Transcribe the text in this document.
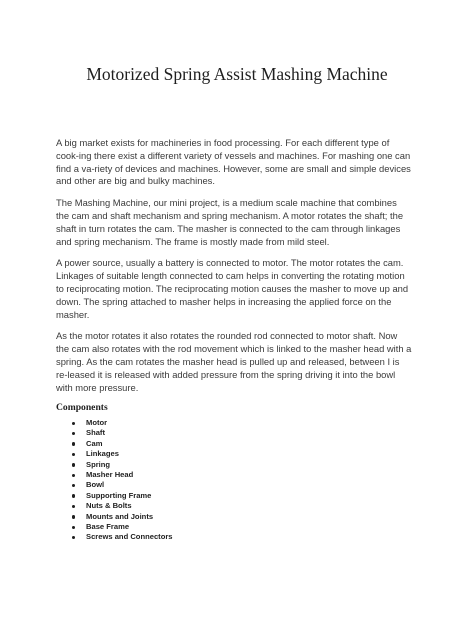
Motorized Spring Assist Mashing Machine

A big market exists for machineries in food processing. For each different type of cook-ing there exist a different variety of vessels and machines. For mashing one can find a va-riety of devices and machines. However, some are small and simple devices and other are big and bulky machines.

The Mashing Machine, our mini project, is a medium scale machine that combines the cam and shaft mechanism and spring mechanism. A motor rotates the shaft; the shaft in turn rotates the cam. The masher is connected to the cam through linkages and spring mechanism. The frame is mostly made from mild steel.

A power source, usually a battery is connected to motor. The motor rotates the cam. Linkages of suitable length connected to cam helps in converting the rotating motion to reciprocating motion. The reciprocating motion causes the masher to move up and down. The spring attached to masher helps in increasing the applied force on the masher.

As the motor rotates it also rotates the rounded rod connected to motor shaft. Now the cam also rotates with the rod movement which is linked to the masher head with a spring. As the cam rotates the masher head is pulled up and released, between I is re-leased it is released with added pressure from the spring driving it into the bowl with more pressure.

Components
Motor
Shaft
Cam
Linkages
Spring
Masher Head
Bowl
Supporting Frame
Nuts & Bolts
Mounts and Joints
Base Frame
Screws and Connectors
